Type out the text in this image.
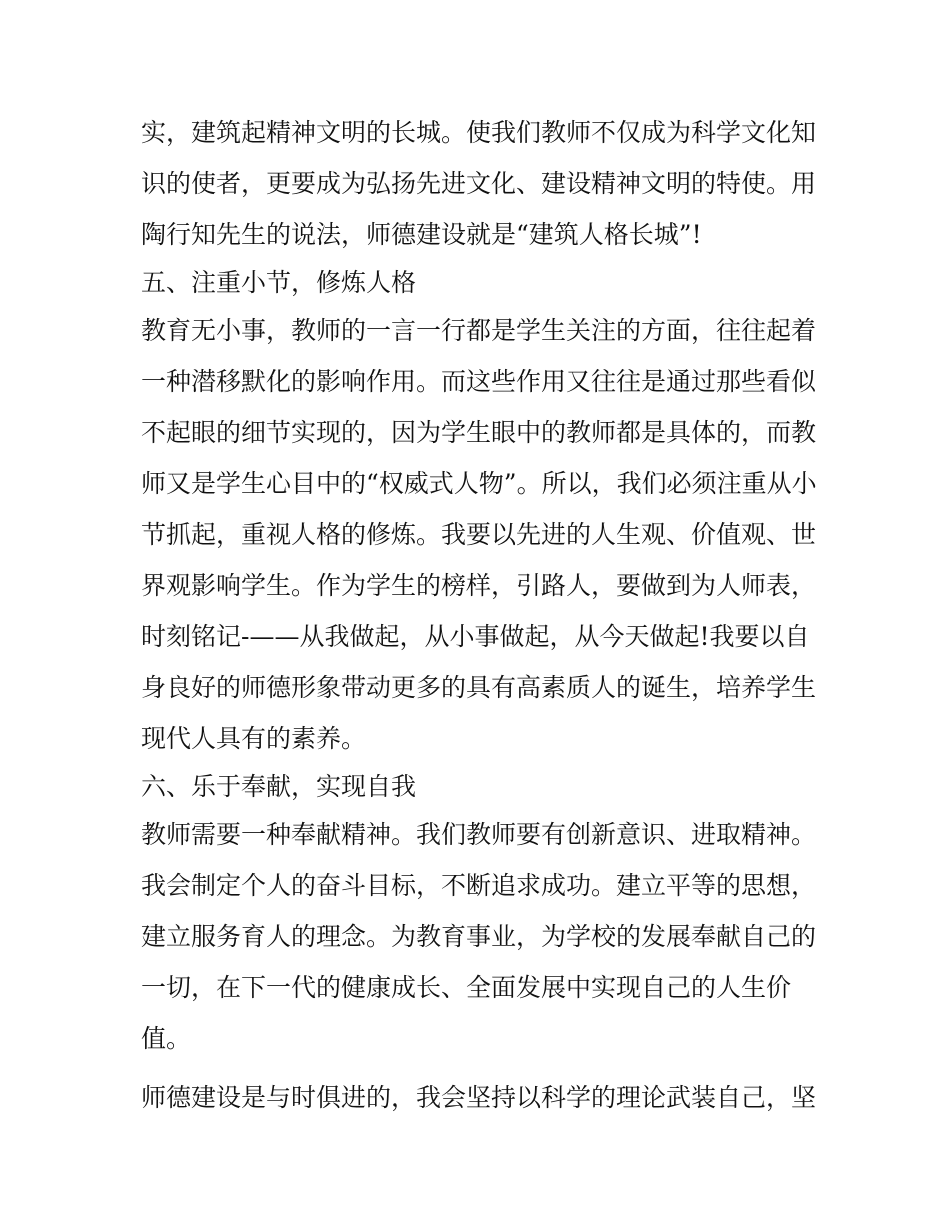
实，建筑起精神文明的长城。使我们教师不仅成为科学文化知
识的使者，更要成为弘扬先进文化、建设精神文明的特使。用
陶行知先生的说法，师德建设就是“建筑人格长城”!
五、注重小节，修炼人格
教育无小事，教师的一言一行都是学生关注的方面，往往起着
一种潜移默化的影响作用。而这些作用又往往是通过那些看似
不起眼的细节实现的，因为学生眼中的教师都是具体的，而教
师又是学生心目中的“权威式人物”。所以，我们必须注重从小
节抓起，重视人格的修炼。我要以先进的人生观、价值观、世
界观影响学生。作为学生的榜样，引路人，要做到为人师表，
时刻铭记-——从我做起，从小事做起，从今天做起!我要以自
身良好的师德形象带动更多的具有高素质人的诞生，培养学生
现代人具有的素养。
六、乐于奉献，实现自我
教师需要一种奉献精神。我们教师要有创新意识、进取精神。
我会制定个人的奋斗目标，不断追求成功。建立平等的思想，
建立服务育人的理念。为教育事业，为学校的发展奉献自己的
一切，在下一代的健康成长、全面发展中实现自己的人生价
值。
师德建设是与时俱进的，我会坚持以科学的理论武装自己，坚
